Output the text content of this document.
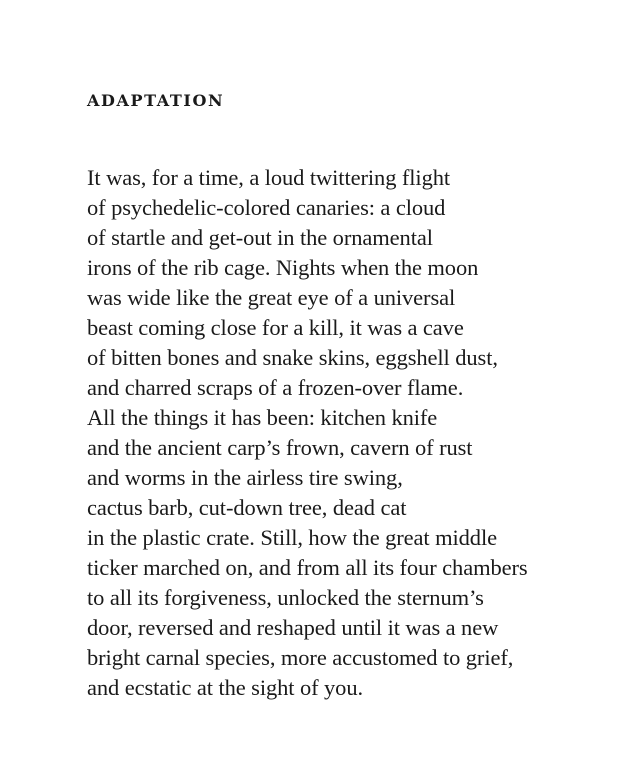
ADAPTATION
It was, for a time, a loud twittering flight
of psychedelic-colored canaries: a cloud
of startle and get-out in the ornamental
irons of the rib cage. Nights when the moon
was wide like the great eye of a universal
beast coming close for a kill, it was a cave
of bitten bones and snake skins, eggshell dust,
and charred scraps of a frozen-over flame.
All the things it has been: kitchen knife
and the ancient carp’s frown, cavern of rust
and worms in the airless tire swing,
cactus barb, cut-down tree, dead cat
in the plastic crate. Still, how the great middle
ticker marched on, and from all its four chambers
to all its forgiveness, unlocked the sternum’s
door, reversed and reshaped until it was a new
bright carnal species, more accustomed to grief,
and ecstatic at the sight of you.
